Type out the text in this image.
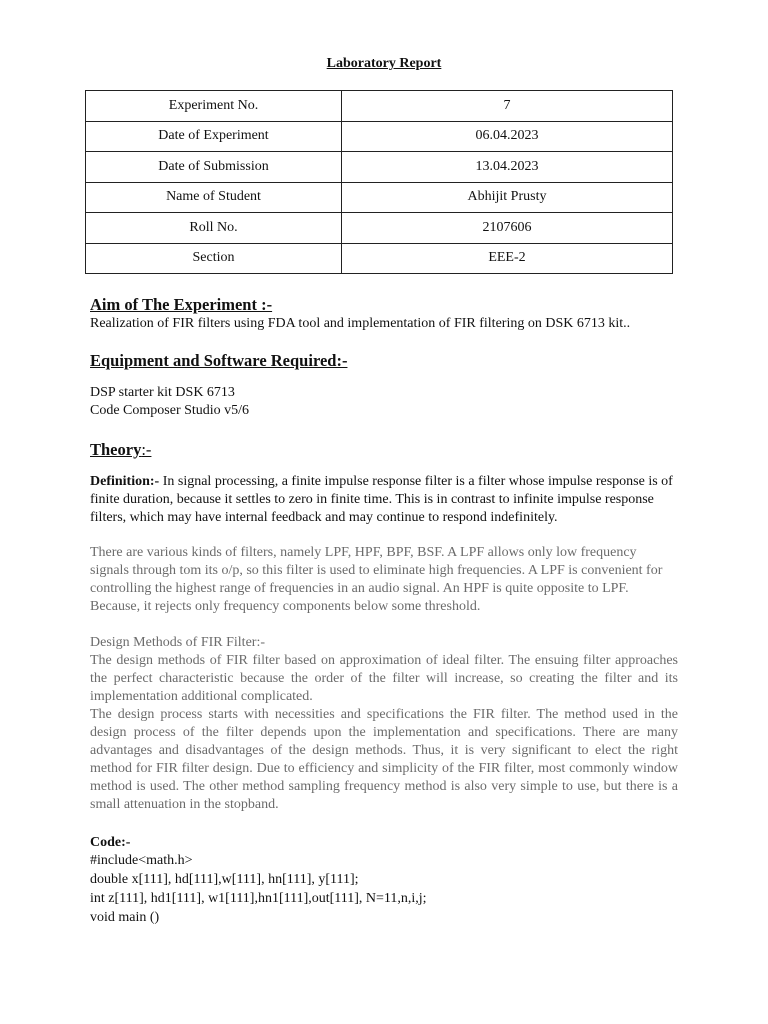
Laboratory Report
Experiment No.	7
Date of Experiment	06.04.2023
Date of Submission	13.04.2023
Name of Student	Abhijit Prusty
Roll No.	2107606
Section	EEE-2
Aim of The Experiment :-
Realization of FIR filters using FDA tool and implementation of FIR filtering on DSK 6713 kit..
Equipment and Software Required:-
DSP starter kit DSK 6713
Code Composer Studio v5/6
Theory:-
Definition:- In signal processing, a finite impulse response filter is a filter whose impulse response is of finite duration, because it settles to zero in finite time. This is in contrast to infinite impulse response filters, which may have internal feedback and may continue to respond indefinitely.
There are various kinds of filters, namely LPF, HPF, BPF, BSF. A LPF allows only low frequency signals through tom its o/p, so this filter is used to eliminate high frequencies. A LPF is convenient for controlling the highest range of frequencies in an audio signal. An HPF is quite opposite to LPF. Because, it rejects only frequency components below some threshold.
Design Methods of FIR Filter:-
The design methods of FIR filter based on approximation of ideal filter. The ensuing filter approaches the perfect characteristic because the order of the filter will increase, so creating the filter and its implementation additional complicated.
The design process starts with necessities and specifications the FIR filter. The method used in the design process of the filter depends upon the implementation and specifications. There are many advantages and disadvantages of the design methods. Thus, it is very significant to elect the right method for FIR filter design. Due to efficiency and simplicity of the FIR filter, most commonly window method is used. The other method sampling frequency method is also very simple to use, but there is a small attenuation in the stopband.
Code:-
#include<math.h>
double x[111], hd[111],w[111], hn[111], y[111];
int z[111], hd1[111], w1[111],hn1[111],out[111], N=11,n,i,j;
void main ()
